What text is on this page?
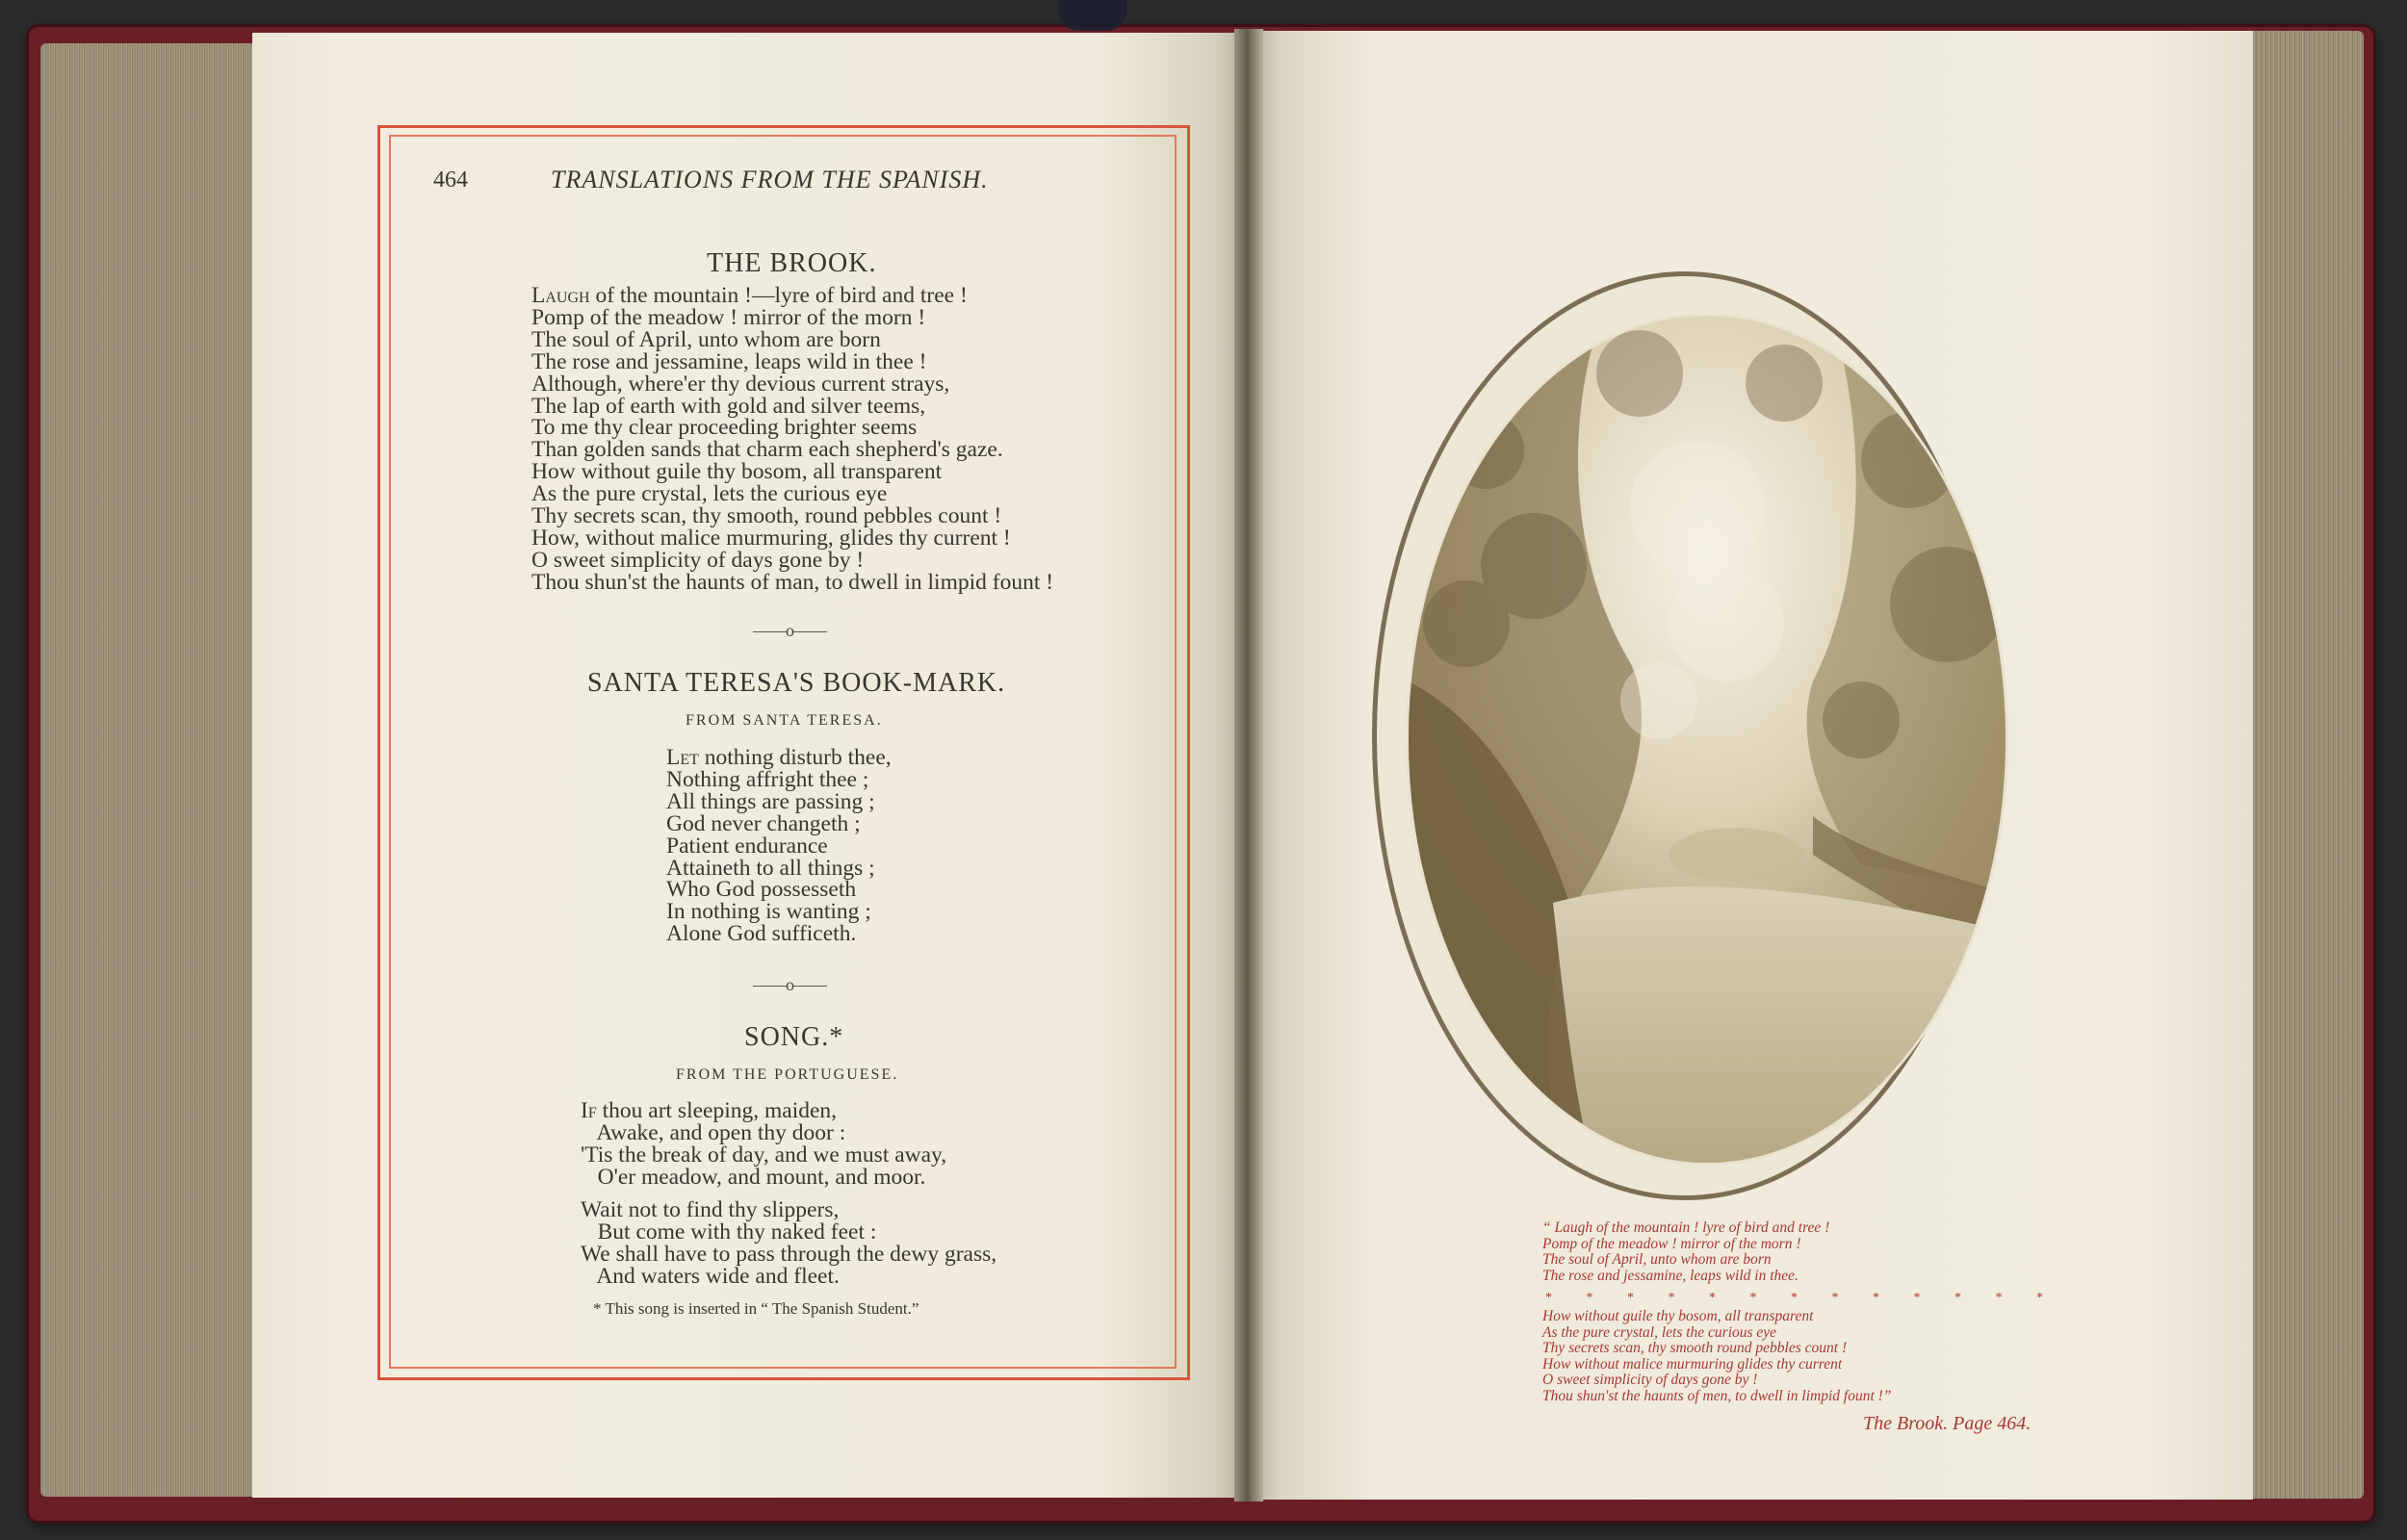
464	TRANSLATIONS FROM THE SPANISH.
THE BROOK.
Laugh of the mountain !—lyre of bird and tree !
Pomp of the meadow ! mirror of the morn !
The soul of April, unto whom are born
The rose and jessamine, leaps wild in thee !
Although, where'er thy devious current strays,
The lap of earth with gold and silver teems,
To me thy clear proceeding brighter seems
Than golden sands that charm each shepherd's gaze.
How without guile thy bosom, all transparent
As the pure crystal, lets the curious eye
Thy secrets scan, thy smooth, round pebbles count !
How, without malice murmuring, glides thy current !
O sweet simplicity of days gone by !
Thou shun'st the haunts of man, to dwell in limpid fount !
——o——
SANTA TERESA'S BOOK-MARK.
FROM SANTA TERESA.
Let nothing disturb thee,
Nothing affright thee ;
All things are passing ;
God never changeth ;
Patient endurance
Attaineth to all things ;
Who God possesseth
In nothing is wanting ;
Alone God sufficeth.
——o——
SONG.*
FROM THE PORTUGUESE.
If thou art sleeping, maiden,
Awake, and open thy door :
'Tis the break of day, and we must away,
O'er meadow, and mount, and moor.
Wait not to find thy slippers,
But come with thy naked feet :
We shall have to pass through the dewy grass,
And waters wide and fleet.
* This song is inserted in “ The Spanish Student.”
“ Laugh of the mountain ! lyre of bird and tree !
Pomp of the meadow ! mirror of the morn !
The soul of April, unto whom are born
The rose and jessamine, leaps wild in thee.
* * * * * * * * * * * * *
How without guile thy bosom, all transparent
As the pure crystal, lets the curious eye
Thy secrets scan, thy smooth round pebbles count !
How without malice murmuring glides thy current
O sweet simplicity of days gone by !
Thou shun'st the haunts of men, to dwell in limpid fount !”
The Brook. Page 464.
